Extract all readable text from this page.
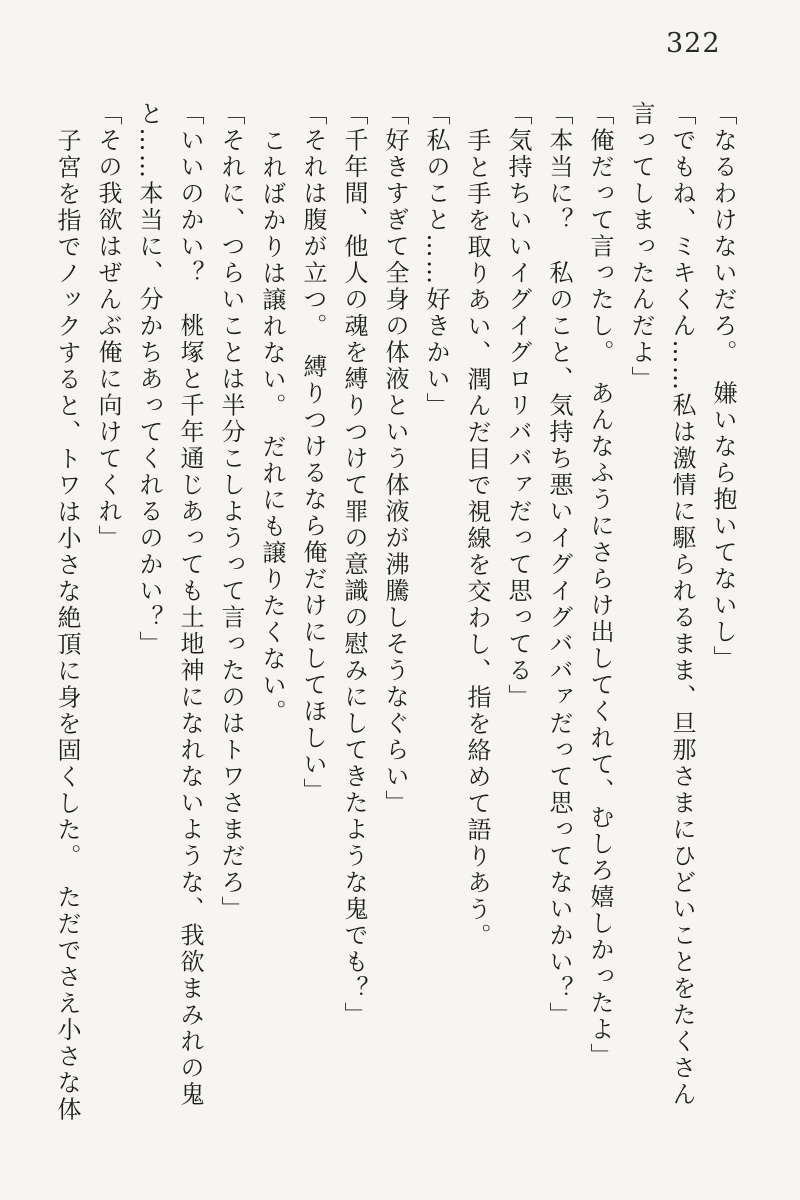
322
「なるわけないだろ。　嫌いなら抱いてないし」
「でもね、ミキくん……私は激情に駆られるまま、旦那さまにひどいことをたくさん
言ってしまったんだよ」
「俺だって言ったし。　あんなふうにさらけ出してくれて、むしろ嬉しかったよ」
「本当に？　私のこと、気持ち悪いイグイグババァだって思ってないかい？」
「気持ちいいイグイグロリババァだって思ってる」
手と手を取りあい、潤んだ目で視線を交わし、指を絡めて語りあう。
「私のこと……好きかい」
「好きすぎて全身の体液という体液が沸騰しそうなぐらい」
「千年間、他人の魂を縛りつけて罪の意識の慰みにしてきたような鬼でも？」
「それは腹が立つ。　縛りつけるなら俺だけにしてほしい」
こればかりは譲れない。　だれにも譲りたくない。
「それに、つらいことは半分こしようって言ったのはトワさまだろ」
「いいのかい？　桃塚と千年通じあっても土地神になれないような、我欲まみれの鬼
と……本当に、分かちあってくれるのかい？」
「その我欲はぜんぶ俺に向けてくれ」
子宮を指でノックすると、トワは小さな絶頂に身を固くした。　ただでさえ小さな体
